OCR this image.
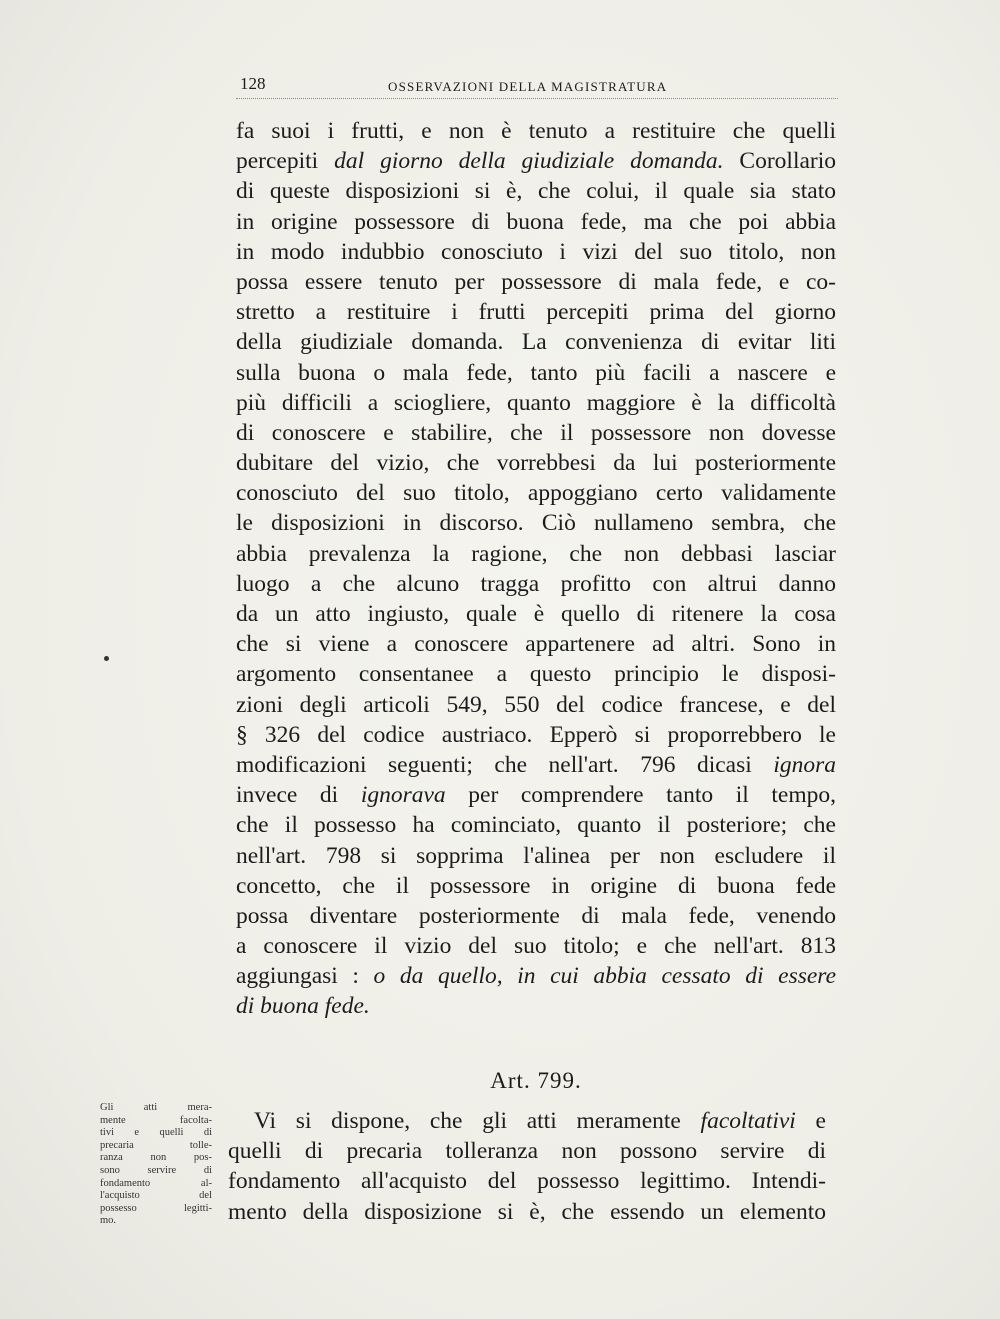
128	OSSERVAZIONI DELLA MAGISTRATURA
fa suoi i frutti, e non è tenuto a restituire che quelli
percepiti dal giorno della giudiziale domanda. Corollario
di queste disposizioni si è, che colui, il quale sia stato
in origine possessore di buona fede, ma che poi abbia
in modo indubbio conosciuto i vizi del suo titolo, non
possa essere tenuto per possessore di mala fede, e co-
stretto a restituire i frutti percepiti prima del giorno
della giudiziale domanda. La convenienza di evitar liti
sulla buona o mala fede, tanto più facili a nascere e
più difficili a sciogliere, quanto maggiore è la difficoltà
di conoscere e stabilire, che il possessore non dovesse
dubitare del vizio, che vorrebbesi da lui posteriormente
conosciuto del suo titolo, appoggiano certo validamente
le disposizioni in discorso. Ciò nullameno sembra, che
abbia prevalenza la ragione, che non debbasi lasciar
luogo a che alcuno tragga profitto con altrui danno
da un atto ingiusto, quale è quello di ritenere la cosa
che si viene a conoscere appartenere ad altri. Sono in
argomento consentanee a questo principio le disposi-
zioni degli articoli 549, 550 del codice francese, e del
§ 326 del codice austriaco. Epperò si proporrebbero le
modificazioni seguenti; che nell'art. 796 dicasi ignora
invece di ignorava per comprendere tanto il tempo,
che il possesso ha cominciato, quanto il posteriore; che
nell'art. 798 si sopprima l'alinea per non escludere il
concetto, che il possessore in origine di buona fede
possa diventare posteriormente di mala fede, venendo
a conoscere il vizio del suo titolo; e che nell'art. 813
aggiungasi : o da quello, in cui abbia cessato di essere
di buona fede.
Art. 799.
Vi si dispone, che gli atti meramente facoltativi e
quelli di precaria tolleranza non possono servire di
fondamento all'acquisto del possesso legittimo. Intendi-
mento della disposizione si è, che essendo un elemento
Gli atti mera-
mente facolta-
tivi e quelli di
precaria tolle-
ranza non pos-
sono servire di
fondamento al-
l'acquisto del
possesso legitti-
mo.
